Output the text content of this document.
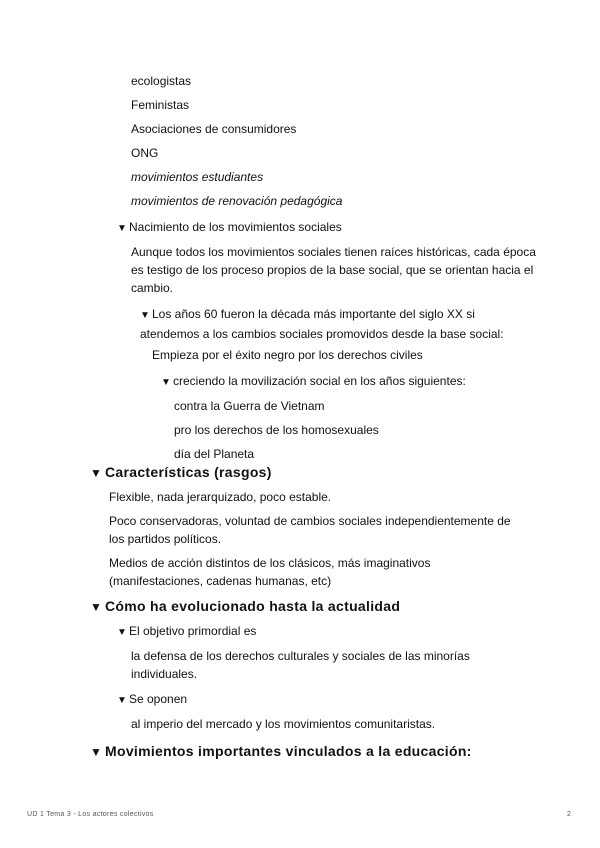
ecologistas

Feministas

Asociaciones de consumidores

ONG

movimientos estudiantes

movimientos de renovación pedagógica

▼ Nacimiento de los movimientos sociales

Aunque todos los movimientos sociales tienen raíces históricas, cada época es testigo de los proceso propios de la base social, que se orientan hacia el cambio.

▼ Los años 60 fueron la década más importante del siglo XX si atendemos a los cambios sociales promovidos desde la base social:

Empieza por el éxito negro por los derechos civiles

▼ creciendo la movilización social en los años siguientes:

contra la Guerra de Vietnam

pro los derechos de los homosexuales

día del Planeta

▼ Características (rasgos)

Flexible, nada jerarquizado, poco estable.

Poco conservadoras, voluntad de cambios sociales independientemente de los partidos políticos.

Medios de acción distintos de los clásicos, más imaginativos (manifestaciones, cadenas humanas, etc)

▼ Cómo ha evolucionado hasta la actualidad

▼ El objetivo primordial es

la defensa de los derechos culturales y sociales de las minorías individuales.

▼ Se oponen

al imperio del mercado y los movimientos comunitaristas.

▼ Movimientos importantes vinculados a la educación:

UD 1 Tema 3 - Los actores colectivos	2
